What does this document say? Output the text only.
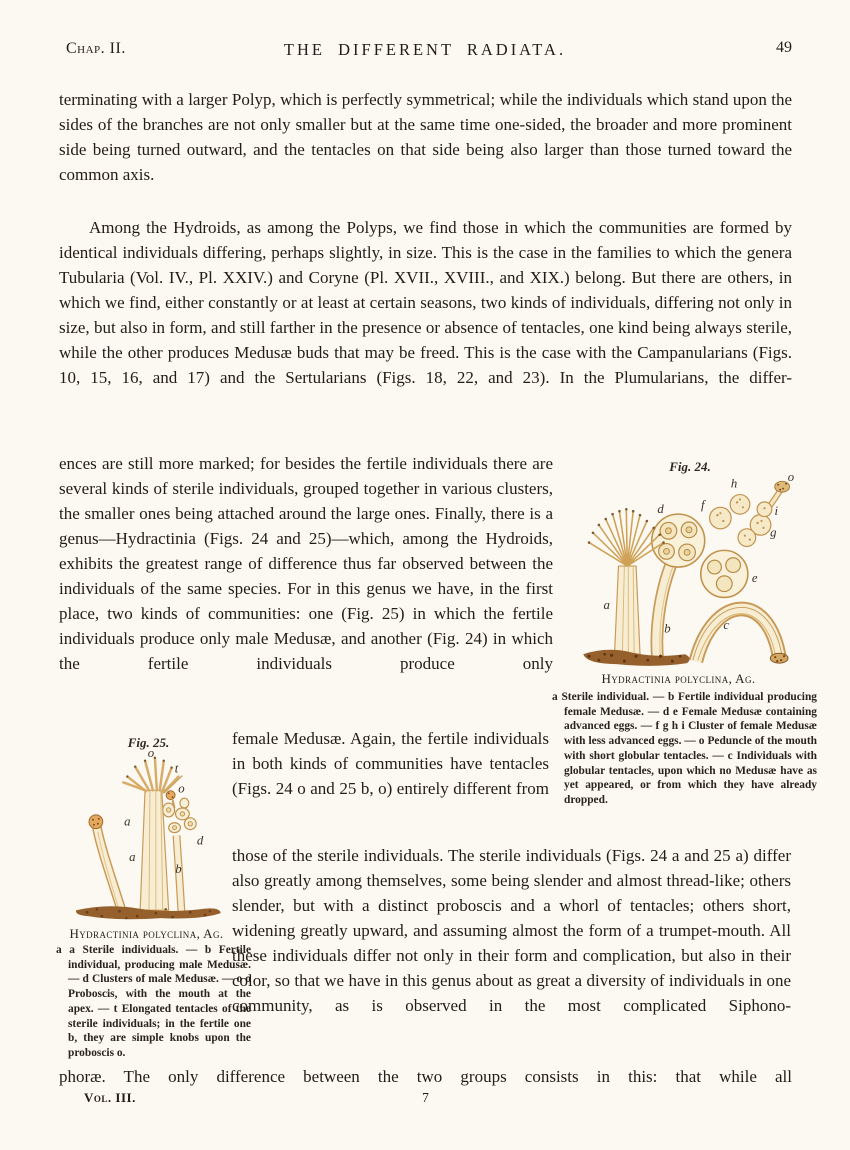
Chap. II.	THE DIFFERENT RADIATA.	49
terminating with a larger Polyp, which is perfectly symmetrical; while the individuals which stand upon the sides of the branches are not only smaller but at the same time one-sided, the broader and more prominent side being turned outward, and the tentacles on that side being also larger than those turned toward the common axis.
Among the Hydroids, as among the Polyps, we find those in which the communities are formed by identical individuals differing, perhaps slightly, in size. This is the case in the families to which the genera Tubularia (Vol. IV., Pl. XXIV.) and Coryne (Pl. XVII., XVIII., and XIX.) belong. But there are others, in which we find, either constantly or at least at certain seasons, two kinds of individuals, differing not only in size, but also in form, and still farther in the presence or absence of tentacles, one kind being always sterile, while the other produces Medusæ buds that may be freed. This is the case with the Campanularians (Figs. 10, 15, 16, and 17) and the Sertularians (Figs. 18, 22, and 23). In the Plumularians, the differ-
ences are still more marked; for besides the fertile individuals there are several kinds of sterile individuals, grouped together in various clusters, the smaller ones being attached around the large ones. Finally, there is a genus—Hydractinia (Figs. 24 and 25)—which, among the Hydroids, exhibits the greatest range of difference thus far observed between the individuals of the same species. For in this genus we have, in the first place, two kinds of communities: one (Fig. 25) in which the fertile individuals produce only male Medusæ, and another (Fig. 24) in which the fertile individuals produce only
Fig. 24.
o
h
f
d	i
g
e
a
b	c
Hydractinia polyclina, Ag.
a Sterile individual. — b Fertile individual producing female Medusæ. — d e Female Medusæ containing advanced eggs. — f g h i Cluster of female Medusæ with less advanced eggs. — o Peduncle of the mouth with short globular tentacles. — c Individuals with globular tentacles, upon which no Medusæ have as yet appeared, or from which they have already dropped.
female Medusæ. Again, the fertile individuals in both kinds of communities have tentacles (Figs. 24 o and 25 b, o) entirely different from
Fig. 25.
o
t
o
a
d
a
b
Hydractinia polyclina, Ag.
a a Sterile individuals. — b Fertile individual, producing male Medusæ. — d Clusters of male Medusæ. — o o Proboscis, with the mouth at the apex. — t Elongated tentacles of the sterile individuals; in the fertile one b, they are simple knobs upon the proboscis o.
those of the sterile individuals. The sterile individuals (Figs. 24 a and 25 a) differ also greatly among themselves, some being slender and almost thread-like; others slender, but with a distinct proboscis and a whorl of tentacles; others short, widening greatly upward, and assuming almost the form of a trumpet-mouth. All these individuals differ not only in their form and complication, but also in their color, so that we have in this genus about as great a diversity of individuals in one community, as is observed in the most complicated Siphono-
phoræ. The only difference between the two groups consists in this: that while all
Vol. III.	7
